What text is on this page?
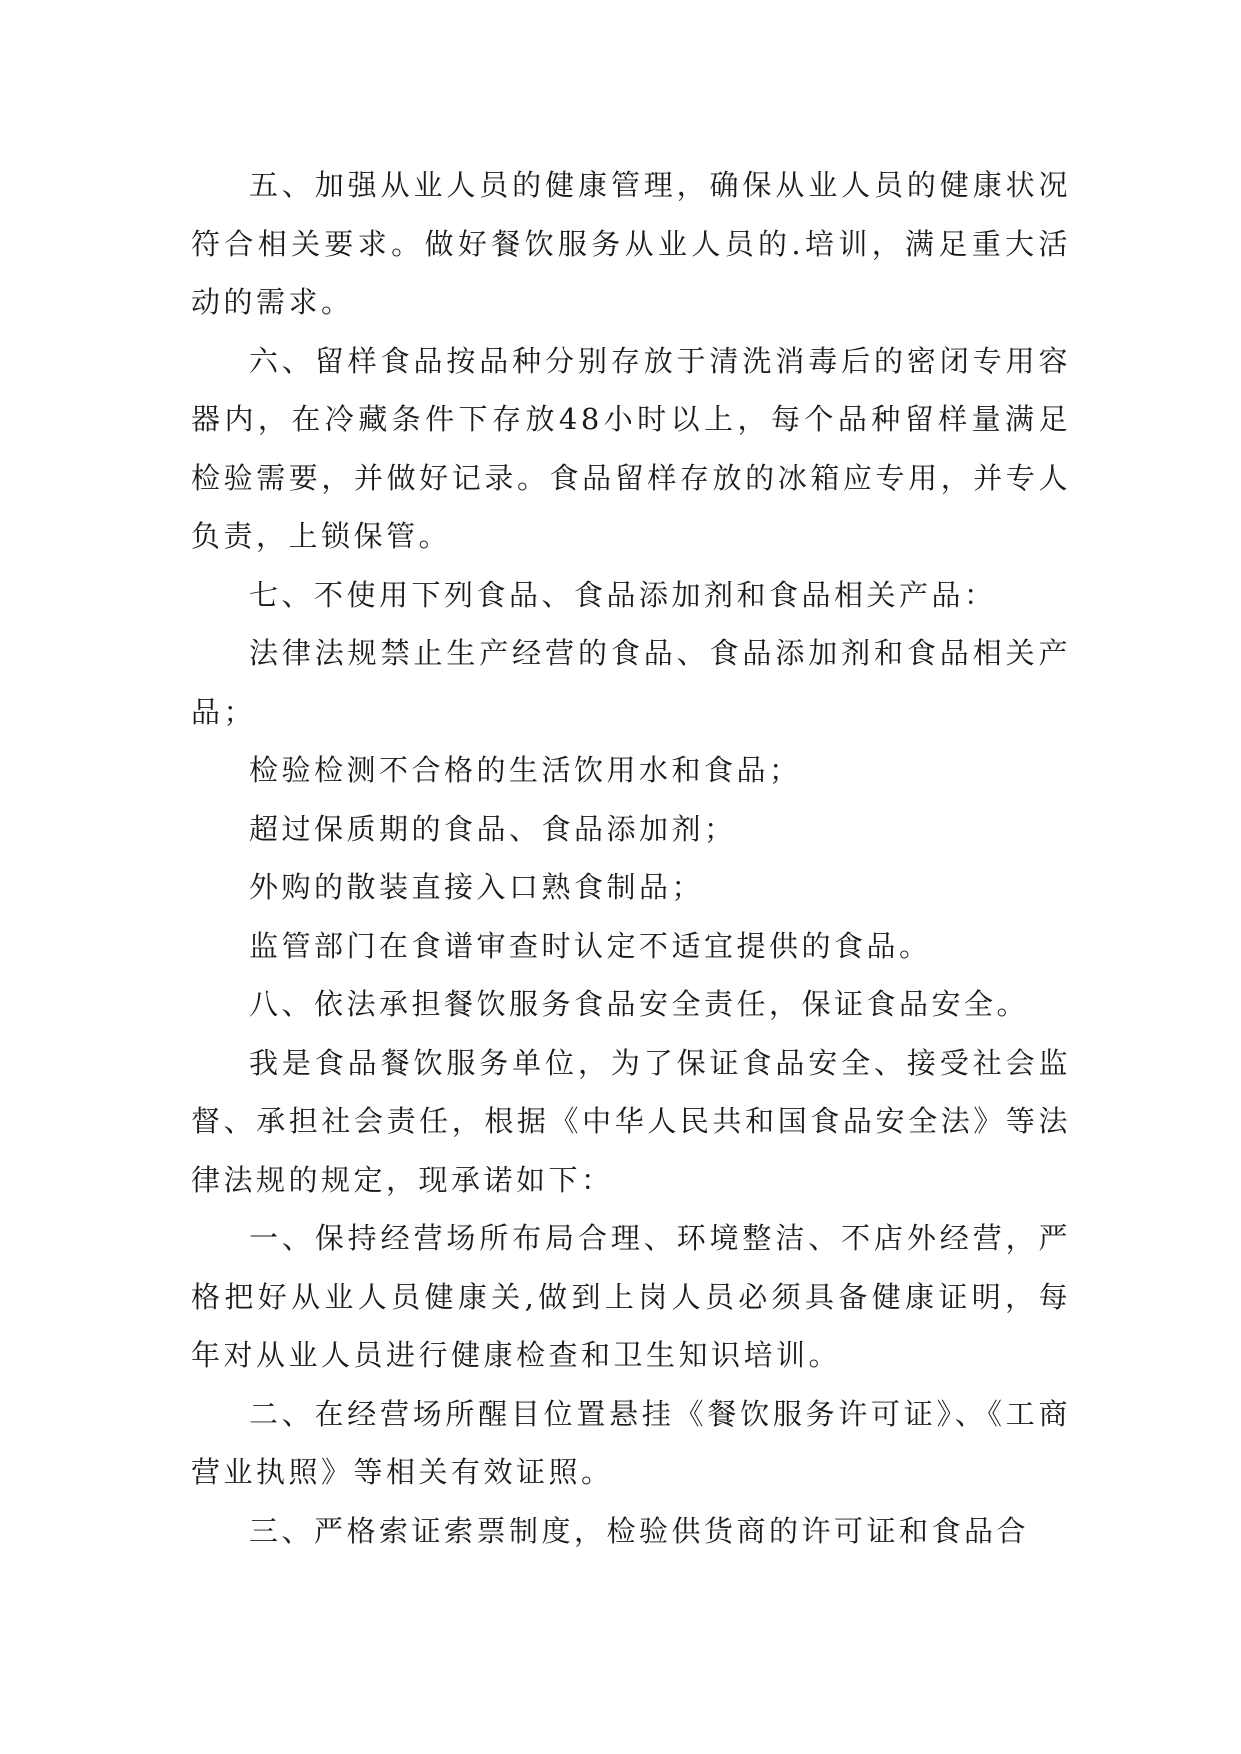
五、加强从业人员的健康管理，确保从业人员的健康状况符合相关要求。做好餐饮服务从业人员的.培训，满足重大活动的需求。

六、留样食品按品种分别存放于清洗消毒后的密闭专用容器内，在冷藏条件下存放48小时以上，每个品种留样量满足检验需要，并做好记录。食品留样存放的冰箱应专用，并专人负责，上锁保管。

七、不使用下列食品、食品添加剂和食品相关产品：

法律法规禁止生产经营的食品、食品添加剂和食品相关产品；

检验检测不合格的生活饮用水和食品；

超过保质期的食品、食品添加剂；

外购的散装直接入口熟食制品；

监管部门在食谱审查时认定不适宜提供的食品。

八、依法承担餐饮服务食品安全责任，保证食品安全。

我是食品餐饮服务单位，为了保证食品安全、接受社会监督、承担社会责任，根据《中华人民共和国食品安全法》等法律法规的规定，现承诺如下：

一、保持经营场所布局合理、环境整洁、不店外经营，严格把好从业人员健康关,做到上岗人员必须具备健康证明，每年对从业人员进行健康检查和卫生知识培训。

二、在经营场所醒目位置悬挂《餐饮服务许可证》、《工商营业执照》等相关有效证照。

三、严格索证索票制度，检验供货商的许可证和食品合
